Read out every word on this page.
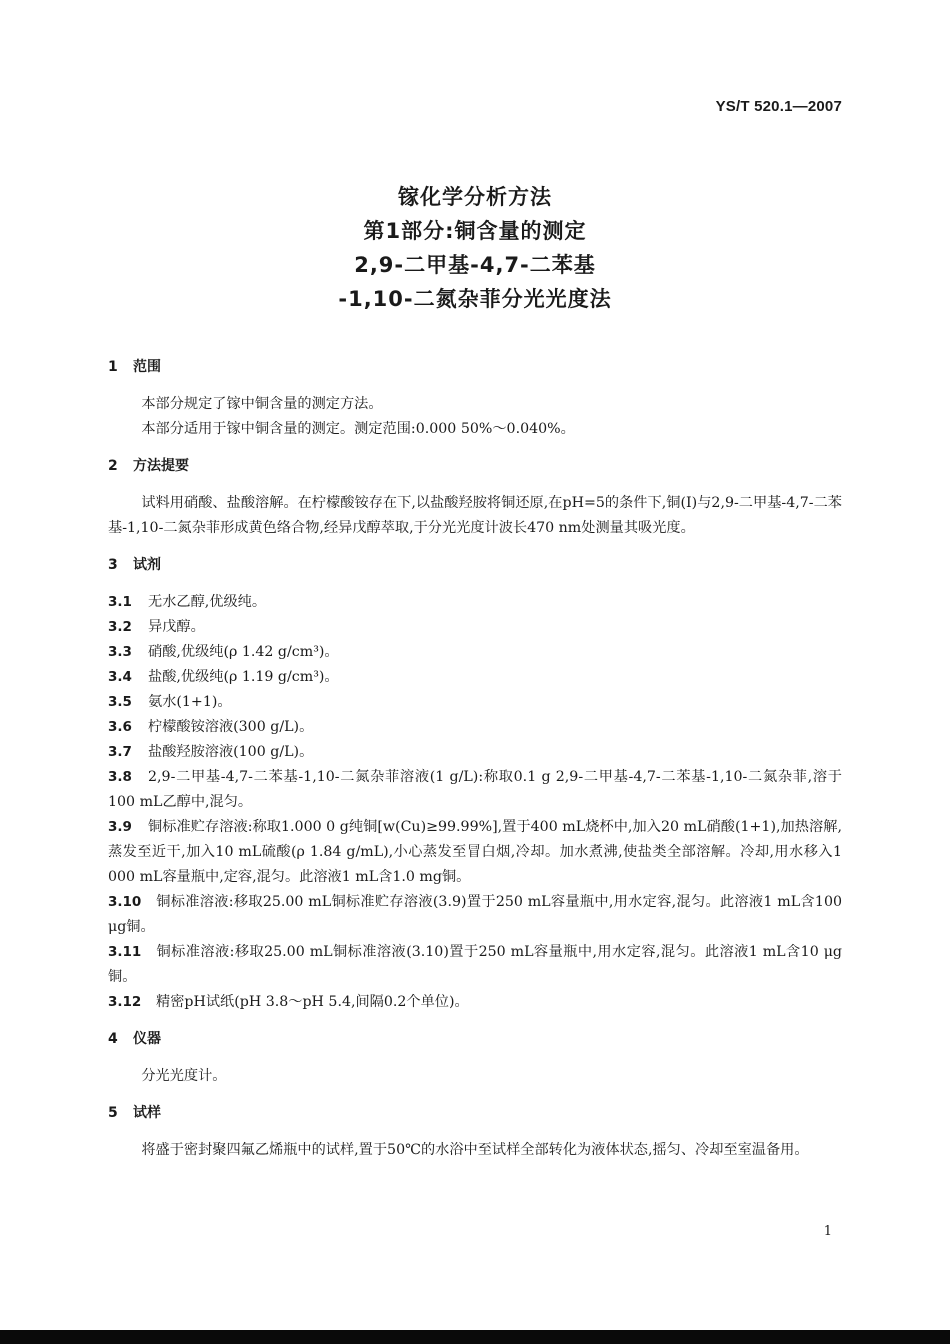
YS/T 520.1—2007
镓化学分析方法
第1部分:铜含量的测定
2,9-二甲基-4,7-二苯基
-1,10-二氮杂菲分光光度法
1 范围

本部分规定了镓中铜含量的测定方法。

本部分适用于镓中铜含量的测定。测定范围:0.000 50%～0.040%。

2 方法提要

试料用硝酸、盐酸溶解。在柠檬酸铵存在下,以盐酸羟胺将铜还原,在pH=5的条件下,铜(Ⅰ)与2,9-二甲基-4,7-二苯基-1,10-二氮杂菲形成黄色络合物,经异戊醇萃取,于分光光度计波长470 nm处测量其吸光度。

3 试剂

3.1 无水乙醇,优级纯。

3.2 异戊醇。

3.3 硝酸,优级纯(ρ 1.42 g/cm³)。

3.4 盐酸,优级纯(ρ 1.19 g/cm³)。

3.5 氨水(1+1)。

3.6 柠檬酸铵溶液(300 g/L)。

3.7 盐酸羟胺溶液(100 g/L)。

3.8 2,9-二甲基-4,7-二苯基-1,10-二氮杂菲溶液(1 g/L):称取0.1 g 2,9-二甲基-4,7-二苯基-1,10-二氮杂菲,溶于100 mL乙醇中,混匀。

3.9 铜标准贮存溶液:称取1.000 0 g纯铜[w(Cu)≥99.99%],置于400 mL烧杯中,加入20 mL硝酸(1+1),加热溶解,蒸发至近干,加入10 mL硫酸(ρ 1.84 g/mL),小心蒸发至冒白烟,冷却。加水煮沸,使盐类全部溶解。冷却,用水移入1 000 mL容量瓶中,定容,混匀。此溶液1 mL含1.0 mg铜。

3.10 铜标准溶液:移取25.00 mL铜标准贮存溶液(3.9)置于250 mL容量瓶中,用水定容,混匀。此溶液1 mL含100 μg铜。

3.11 铜标准溶液:移取25.00 mL铜标准溶液(3.10)置于250 mL容量瓶中,用水定容,混匀。此溶液1 mL含10 μg铜。

3.12 精密pH试纸(pH 3.8～pH 5.4,间隔0.2个单位)。

4 仪器

分光光度计。

5 试样

将盛于密封聚四氟乙烯瓶中的试样,置于50℃的水浴中至试样全部转化为液体状态,摇匀、冷却至室温备用。

1
